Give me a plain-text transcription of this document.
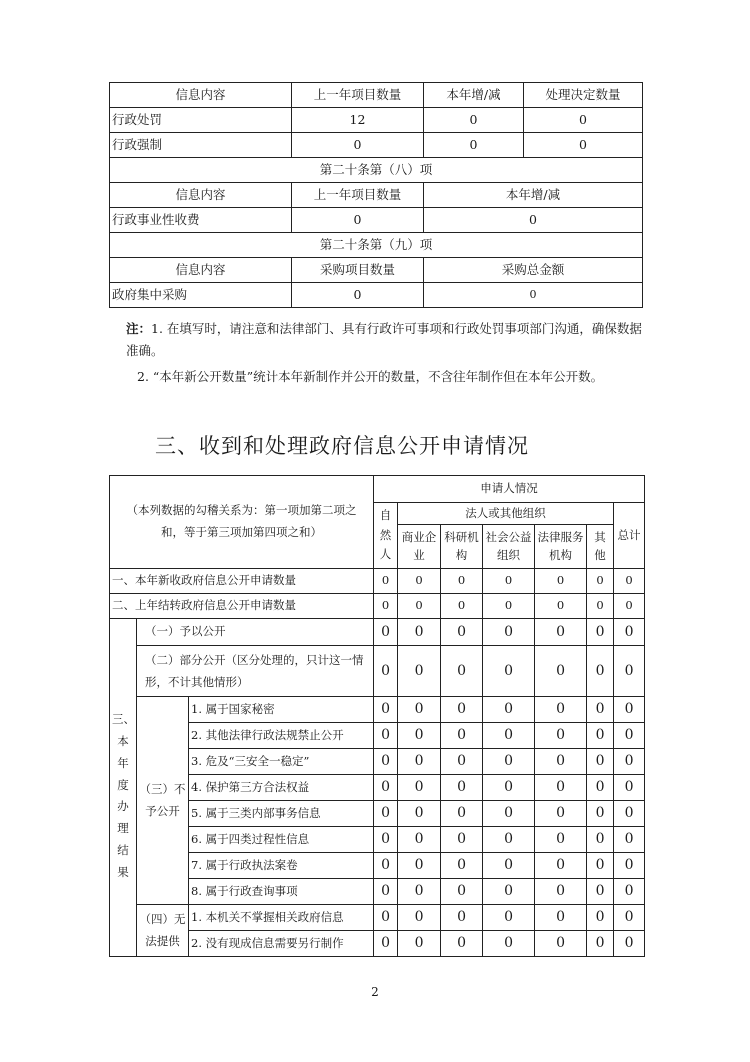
信息内容	上一年项目数量	本年增/减	处理决定数量
行政处罚	12	0	0
行政强制	0	0	0
第二十条第（八）项			
信息内容	上一年项目数量	本年增/减	
行政事业性收费	0	0	
第二十条第（九）项			
信息内容	采购项目数量	采购总金额	
政府集中采购	0	0	
注：1. 在填写时，请注意和法律部门、具有行政许可事项和行政处罚事项部门沟通，确保数据准确。
2. “本年新公开数量”统计本年新制作并公开的数量，不含往年制作但在本年公开数。
三、收到和处理政府信息公开申请情况
（本列数据的勾稽关系为：第一项加第二项之和，等于第三项加第四项之和）			申请人情况						
			自然人	法人或其他组织					总计
				商业企业	科研机构	社会公益组织	法律服务机构	其他	
一、本年新收政府信息公开申请数量			0	0	0	0	0	0	0
二、上年结转政府信息公开申请数量			0	0	0	0	0	0	0
三、本年度办理结果	（一）予以公开		0	0	0	0	0	0	0
	（二）部分公开（区分处理的，只计这一情形，不计其他情形）		0	0	0	0	0	0	0
	（三）不予公开	1. 属于国家秘密	0	0	0	0	0	0	0
		2. 其他法律行政法规禁止公开	0	0	0	0	0	0	0
		3. 危及“三安全一稳定”	0	0	0	0	0	0	0
		4. 保护第三方合法权益	0	0	0	0	0	0	0
		5. 属于三类内部事务信息	0	0	0	0	0	0	0
		6. 属于四类过程性信息	0	0	0	0	0	0	0
		7. 属于行政执法案卷	0	0	0	0	0	0	0
		8. 属于行政查询事项	0	0	0	0	0	0	0
	（四）无法提供	1. 本机关不掌握相关政府信息	0	0	0	0	0	0	0
		2. 没有现成信息需要另行制作	0	0	0	0	0	0	0
2
